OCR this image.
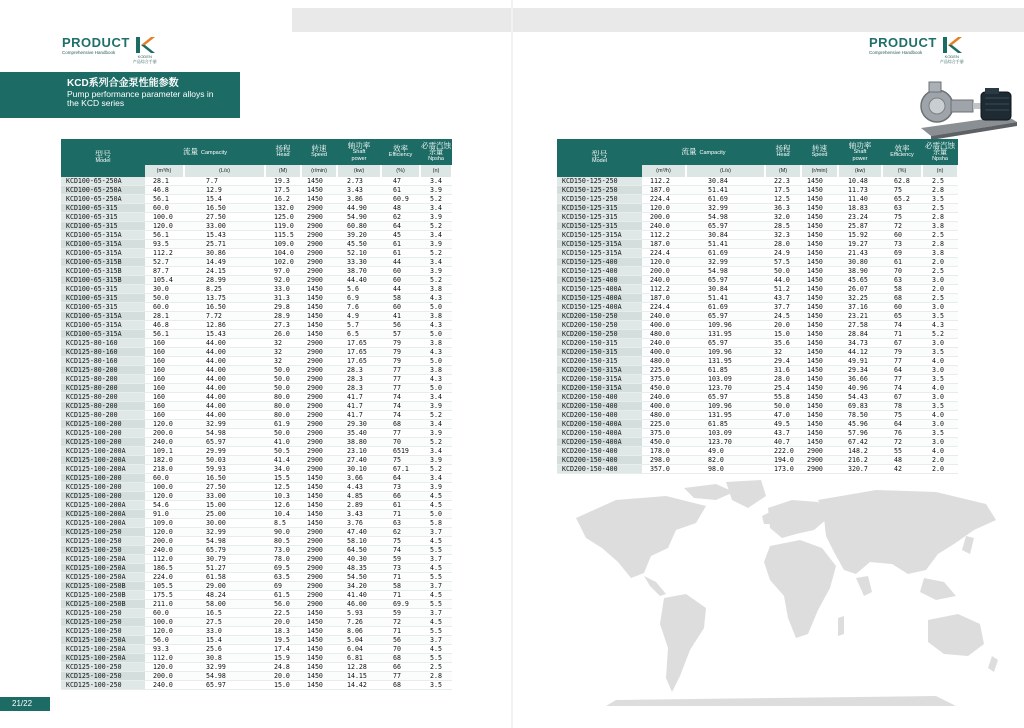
PRODUCT
Comprehensive Handbook
KODEN
产品综合手册
PRODUCT
Comprehensive Handbook
KODEN
产品综合手册
KCD系列合金泵性能参数
Pump performance parameter alloys in
the KCD series
型号
Model	流量 Campacity		扬程
Head	转速
Speed	轴功率
Shaft
power	效率
Efficiency	必需汽蚀
余量
Npsha

	(m³/h)	(L/s)	(M)	(r/min)	(kw)	(%)	(n)
KCD100-65-250A	28.1	7.7	19.3	1450	2.73	47	3.4
KCD100-65-250A	46.8	12.9	17.5	1450	3.43	61	3.9
KCD100-65-250A	56.1	15.4	16.2	1450	3.86	60.9	5.2
KCD100-65-315	60.0	16.50	132.0	2900	44.90	48	3.4
KCD100-65-315	100.0	27.50	125.0	2900	54.90	62	3.9
KCD100-65-315	120.0	33.00	119.0	2900	60.80	64	5.2
KCD100-65-315A	56.1	15.43	115.5	2900	39.20	45	3.4
KCD100-65-315A	93.5	25.71	109.0	2900	45.50	61	3.9
KCD100-65-315A	112.2	30.86	104.0	2900	52.10	61	5.2
KCD100-65-315B	52.7	14.49	102.0	2900	33.30	44	3.4
KCD100-65-315B	87.7	24.15	97.0	2900	38.70	60	3.9
KCD100-65-315B	105.4	28.99	92.0	2900	44.40	60	5.2
KCD100-65-315	30.0	8.25	33.0	1450	5.6	44	3.8
KCD100-65-315	50.0	13.75	31.3	1450	6.9	58	4.3
KCD100-65-315	60.0	16.50	29.8	1450	7.6	60	5.0
KCD100-65-315A	28.1	7.72	28.9	1450	4.9	41	3.8
KCD100-65-315A	46.8	12.86	27.3	1450	5.7	56	4.3
KCD100-65-315A	56.1	15.43	26.0	1450	6.5	57	5.0
KCD125-80-160	160	44.00	32	2900	17.65	79	3.8
KCD125-80-160	160	44.00	32	2900	17.65	79	4.3
KCD125-80-160	160	44.00	32	2900	17.65	79	5.0
KCD125-80-200	160	44.00	50.0	2900	28.3	77	3.8
KCD125-80-200	160	44.00	50.0	2900	28.3	77	4.3
KCD125-80-200	160	44.00	50.0	2900	28.3	77	5.0
KCD125-80-200	160	44.00	80.0	2900	41.7	74	3.4
KCD125-80-200	160	44.00	80.0	2900	41.7	74	3.9
KCD125-80-200	160	44.00	80.0	2900	41.7	74	5.2
KCD125-100-200	120.0	32.99	61.9	2900	29.30	68	3.4
KCD125-100-200	200.0	54.98	50.0	2900	35.40	77	3.9
KCD125-100-200	240.0	65.97	41.0	2900	38.80	70	5.2
KCD125-100-200A	109.1	29.99	50.5	2900	23.10	6519	3.4
KCD125-100-200A	182.0	50.03	41.4	2900	27.40	75	3.9
KCD125-100-200A	218.0	59.93	34.0	2900	30.10	67.1	5.2
KCD125-100-200	60.0	16.50	15.5	1450	3.66	64	3.4
KCD125-100-200	100.0	27.50	12.5	1450	4.43	73	3.9
KCD125-100-200	120.0	33.00	10.3	1450	4.85	66	4.5
KCD125-100-200A	54.6	15.00	12.6	1450	2.89	61	4.5
KCD125-100-200A	91.0	25.00	10.4	1450	3.43	71	5.0
KCD125-100-200A	109.0	30.00	8.5	1450	3.76	63	5.8
KCD125-100-250	120.0	32.99	90.0	2900	47.40	62	3.7
KCD125-100-250	200.0	54.98	80.5	2900	58.10	75	4.5
KCD125-100-250	240.0	65.79	73.0	2900	64.50	74	5.5
KCD125-100-250A	112.0	30.79	78.0	2900	40.30	59	3.7
KCD125-100-250A	186.5	51.27	69.5	2900	48.35	73	4.5
KCD125-100-250A	224.0	61.58	63.5	2900	54.50	71	5.5
KCD125-100-250B	105.5	29.00	69	2900	34.20	58	3.7
KCD125-100-250B	175.5	48.24	61.5	2900	41.40	71	4.5
KCD125-100-250B	211.0	58.00	56.0	2900	46.00	69.9	5.5
KCD125-100-250	60.0	16.5	22.5	1450	5.93	59	3.7
KCD125-100-250	100.0	27.5	20.0	1450	7.26	72	4.5
KCD125-100-250	120.0	33.0	18.3	1450	8.06	71	5.5
KCD125-100-250A	56.0	15.4	19.5	1450	5.04	56	3.7
KCD125-100-250A	93.3	25.6	17.4	1450	6.04	70	4.5
KCD125-100-250A	112.0	30.8	15.9	1450	6.81	68	5.5
KCD125-100-250	120.0	32.99	24.8	1450	12.28	66	2.5
KCD125-100-250	200.0	54.98	20.0	1450	14.15	77	2.8
KCD125-100-250	240.0	65.97	15.0	1450	14.42	68	3.5
型号
Model	流量 Campacity		扬程
Head	转速
Speed	轴功率
Shaft
power	效率
Efficiency	必需汽蚀
余量
Npsha

	(m³/h)	(L/s)	(M)	(r/min)	(kw)	(%)	(n)
KCD150-125-250	112.2	30.84	22.3	1450	10.48	62.8	2.5
KCD150-125-250	187.0	51.41	17.5	1450	11.73	75	2.8
KCD150-125-250	224.4	61.69	12.5	1450	11.40	65.2	3.5
KCD150-125-315	120.0	32.99	36.3	1450	18.83	63	2.5
KCD150-125-315	200.0	54.98	32.0	1450	23.24	75	2.8
KCD150-125-315	240.0	65.97	28.5	1450	25.87	72	3.8
KCD150-125-315A	112.2	30.84	32.3	1450	15.92	60	2.5
KCD150-125-315A	187.0	51.41	28.0	1450	19.27	73	2.8
KCD150-125-315A	224.4	61.69	24.9	1450	21.43	69	3.8
KCD150-125-400	120.0	32.99	57.5	1450	30.80	61	2.0
KCD150-125-400	200.0	54.98	50.0	1450	38.90	70	2.5
KCD150-125-400	240.0	65.97	44.0	1450	45.65	63	3.0
KCD150-125-400A	112.2	30.84	51.2	1450	26.07	58	2.0
KCD150-125-400A	187.0	51.41	43.7	1450	32.25	68	2.5
KCD150-125-400A	224.4	61.69	37.7	1450	37.16	60	3.0
KCD200-150-250	240.0	65.97	24.5	1450	23.21	65	3.5
KCD200-150-250	400.0	109.96	20.0	1450	27.58	74	4.3
KCD200-150-250	480.0	131.95	15.0	1450	28.84	71	5.2
KCD200-150-315	240.0	65.97	35.6	1450	34.73	67	3.0
KCD200-150-315	400.0	109.96	32	1450	44.12	79	3.5
KCD200-150-315	480.0	131.95	29.4	1450	49.91	77	4.0
KCD200-150-315A	225.0	61.85	31.6	1450	29.34	64	3.0
KCD200-150-315A	375.0	103.09	28.0	1450	36.66	77	3.5
KCD200-150-315A	450.0	123.70	25.4	1450	40.96	74	4.0
KCD200-150-400	240.0	65.97	55.8	1450	54.43	67	3.0
KCD200-150-400	400.0	109.96	50.0	1450	69.83	78	3.5
KCD200-150-400	480.0	131.95	47.0	1450	78.50	75	4.0
KCD200-150-400A	225.0	61.85	49.5	1450	45.96	64	3.0
KCD200-150-400A	375.0	103.09	43.7	1450	57.96	76	3.5
KCD200-150-400A	450.0	123.70	40.7	1450	67.42	72	3.0
KCD200-150-400	178.0	49.0	222.0	2900	148.2	55	4.0
KCD200-150-400	298.0	82.0	194.0	2900	216.2	48	2.0
KCD200-150-400	357.0	98.0	173.0	2900	320.7	42	2.0
21/22
